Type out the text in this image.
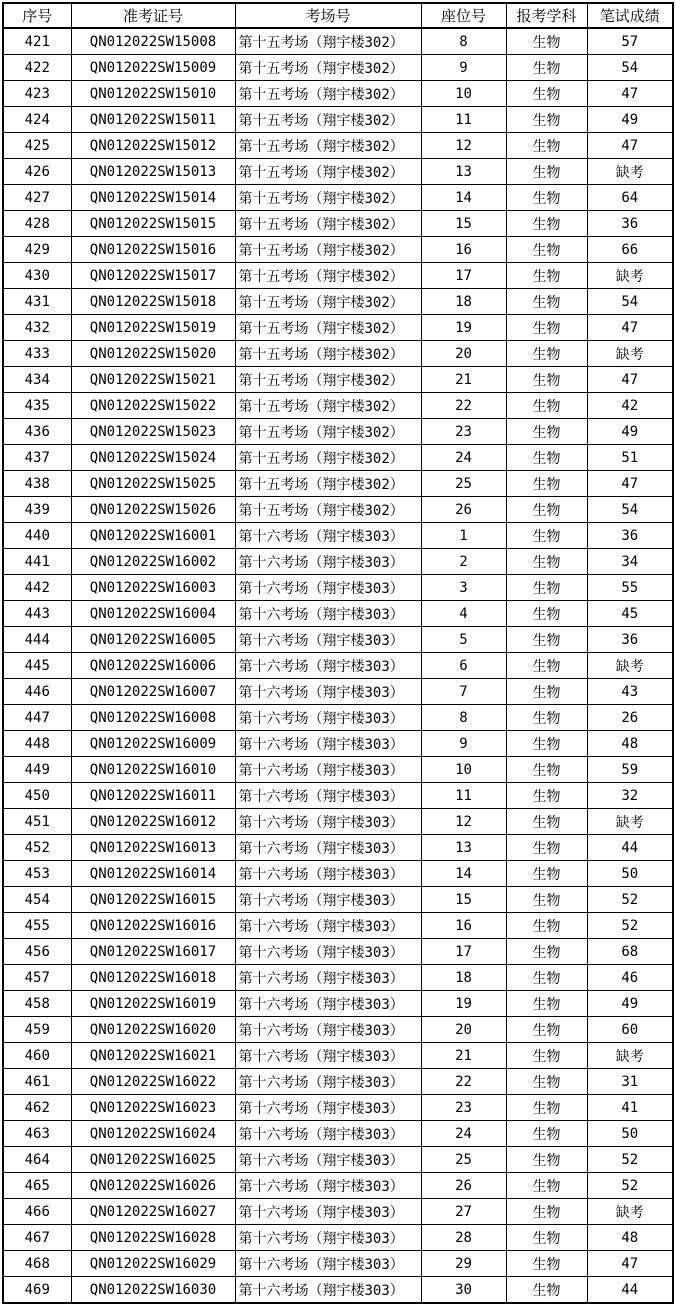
序号	准考证号	考场号	座位号	报考学科	笔试成绩
421	QN012022SW15008	第十五考场（翔宇楼302）	8	生物	57
422	QN012022SW15009	第十五考场（翔宇楼302）	9	生物	54
423	QN012022SW15010	第十五考场（翔宇楼302）	10	生物	47
424	QN012022SW15011	第十五考场（翔宇楼302）	11	生物	49
425	QN012022SW15012	第十五考场（翔宇楼302）	12	生物	47
426	QN012022SW15013	第十五考场（翔宇楼302）	13	生物	缺考
427	QN012022SW15014	第十五考场（翔宇楼302）	14	生物	64
428	QN012022SW15015	第十五考场（翔宇楼302）	15	生物	36
429	QN012022SW15016	第十五考场（翔宇楼302）	16	生物	66
430	QN012022SW15017	第十五考场（翔宇楼302）	17	生物	缺考
431	QN012022SW15018	第十五考场（翔宇楼302）	18	生物	54
432	QN012022SW15019	第十五考场（翔宇楼302）	19	生物	47
433	QN012022SW15020	第十五考场（翔宇楼302）	20	生物	缺考
434	QN012022SW15021	第十五考场（翔宇楼302）	21	生物	47
435	QN012022SW15022	第十五考场（翔宇楼302）	22	生物	42
436	QN012022SW15023	第十五考场（翔宇楼302）	23	生物	49
437	QN012022SW15024	第十五考场（翔宇楼302）	24	生物	51
438	QN012022SW15025	第十五考场（翔宇楼302）	25	生物	47
439	QN012022SW15026	第十五考场（翔宇楼302）	26	生物	54
440	QN012022SW16001	第十六考场（翔宇楼303）	1	生物	36
441	QN012022SW16002	第十六考场（翔宇楼303）	2	生物	34
442	QN012022SW16003	第十六考场（翔宇楼303）	3	生物	55
443	QN012022SW16004	第十六考场（翔宇楼303）	4	生物	45
444	QN012022SW16005	第十六考场（翔宇楼303）	5	生物	36
445	QN012022SW16006	第十六考场（翔宇楼303）	6	生物	缺考
446	QN012022SW16007	第十六考场（翔宇楼303）	7	生物	43
447	QN012022SW16008	第十六考场（翔宇楼303）	8	生物	26
448	QN012022SW16009	第十六考场（翔宇楼303）	9	生物	48
449	QN012022SW16010	第十六考场（翔宇楼303）	10	生物	59
450	QN012022SW16011	第十六考场（翔宇楼303）	11	生物	32
451	QN012022SW16012	第十六考场（翔宇楼303）	12	生物	缺考
452	QN012022SW16013	第十六考场（翔宇楼303）	13	生物	44
453	QN012022SW16014	第十六考场（翔宇楼303）	14	生物	50
454	QN012022SW16015	第十六考场（翔宇楼303）	15	生物	52
455	QN012022SW16016	第十六考场（翔宇楼303）	16	生物	52
456	QN012022SW16017	第十六考场（翔宇楼303）	17	生物	68
457	QN012022SW16018	第十六考场（翔宇楼303）	18	生物	46
458	QN012022SW16019	第十六考场（翔宇楼303）	19	生物	49
459	QN012022SW16020	第十六考场（翔宇楼303）	20	生物	60
460	QN012022SW16021	第十六考场（翔宇楼303）	21	生物	缺考
461	QN012022SW16022	第十六考场（翔宇楼303）	22	生物	31
462	QN012022SW16023	第十六考场（翔宇楼303）	23	生物	41
463	QN012022SW16024	第十六考场（翔宇楼303）	24	生物	50
464	QN012022SW16025	第十六考场（翔宇楼303）	25	生物	52
465	QN012022SW16026	第十六考场（翔宇楼303）	26	生物	52
466	QN012022SW16027	第十六考场（翔宇楼303）	27	生物	缺考
467	QN012022SW16028	第十六考场（翔宇楼303）	28	生物	48
468	QN012022SW16029	第十六考场（翔宇楼303）	29	生物	47
469	QN012022SW16030	第十六考场（翔宇楼303）	30	生物	44
